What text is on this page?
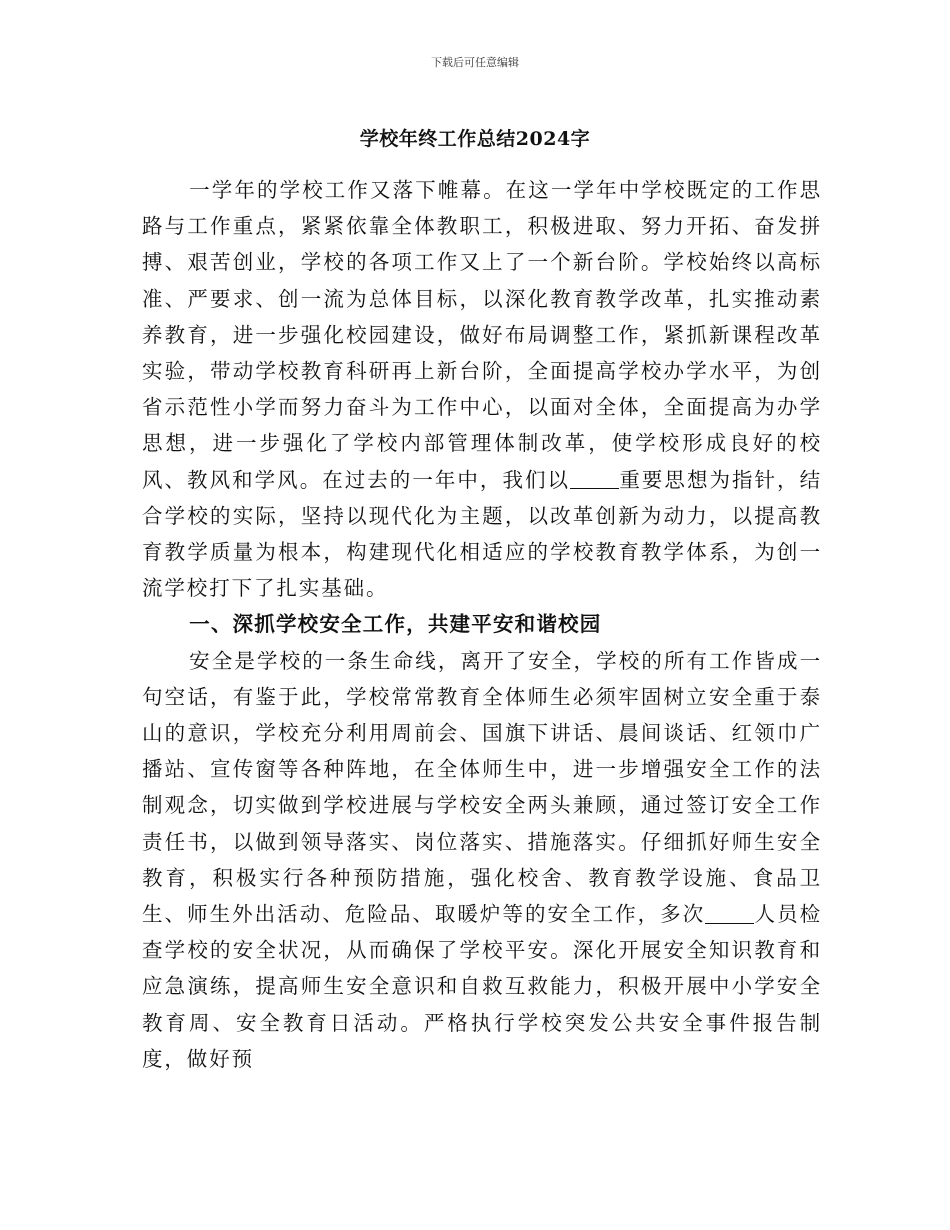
下载后可任意编辑
学校年终工作总结2024字

一学年的学校工作又落下帷幕。在这一学年中学校既定的工作思路与工作重点，紧紧依靠全体教职工，积极进取、努力开拓、奋发拼搏、艰苦创业，学校的各项工作又上了一个新台阶。学校始终以高标准、严要求、创一流为总体目标，以深化教育教学改革，扎实推动素养教育，进一步强化校园建设，做好布局调整工作，紧抓新课程改革实验，带动学校教育科研再上新台阶，全面提高学校办学水平，为创省示范性小学而努力奋斗为工作中心，以面对全体，全面提高为办学思想，进一步强化了学校内部管理体制改革，使学校形成良好的校风、教风和学风。在过去的一年中，我们以 重要思想为指针，结合学校的实际，坚持以现代化为主题，以改革创新为动力，以提高教育教学质量为根本，构建现代化相适应的学校教育教学体系，为创一流学校打下了扎实基础。

一、深抓学校安全工作，共建平安和谐校园

安全是学校的一条生命线，离开了安全，学校的所有工作皆成一句空话，有鉴于此，学校常常教育全体师生必须牢固树立安全重于泰山的意识，学校充分利用周前会、国旗下讲话、晨间谈话、红领巾广播站、宣传窗等各种阵地，在全体师生中，进一步增强安全工作的法制观念，切实做到学校进展与学校安全两头兼顾，通过签订安全工作责任书，以做到领导落实、岗位落实、措施落实。仔细抓好师生安全教育，积极实行各种预防措施，强化校舍、教育教学设施、食品卫生、师生外出活动、危险品、取暖炉等的安全工作，多次 人员检查学校的安全状况，从而确保了学校平安。深化开展安全知识教育和应急演练，提高师生安全意识和自救互救能力，积极开展中小学安全教育周、安全教育日活动。严格执行学校突发公共安全事件报告制度，做好预
